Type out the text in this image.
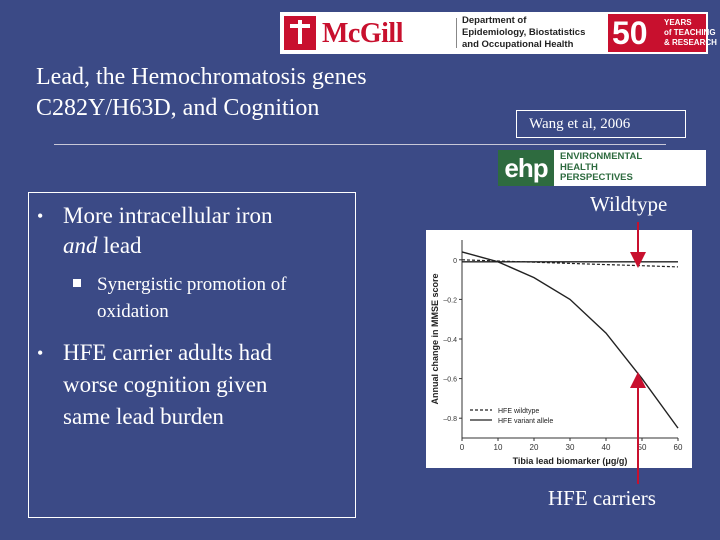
McGill	Department of
Epidemiology, Biostatistics
and Occupational Health	50 YEARS
of TEACHING
& RESEARCH
Lead, the Hemochromatosis genes
C282Y/H63D, and Cognition
Wang et al, 2006
ehp	ENVIRONMENTAL
HEALTH
PERSPECTIVES
• More intracellular iron
and lead
Synergistic promotion of
oxidation
• HFE carrier adults had
worse cognition given
same lead burden
Wildtype
HFE carriers
0
–0.2
–0.4
–0.6
–0.8
0	10	20	30	40	50	60
Tibia lead biomarker (μg/g)
Annual change in MMSE score
HFE wildtype
HFE variant allele
